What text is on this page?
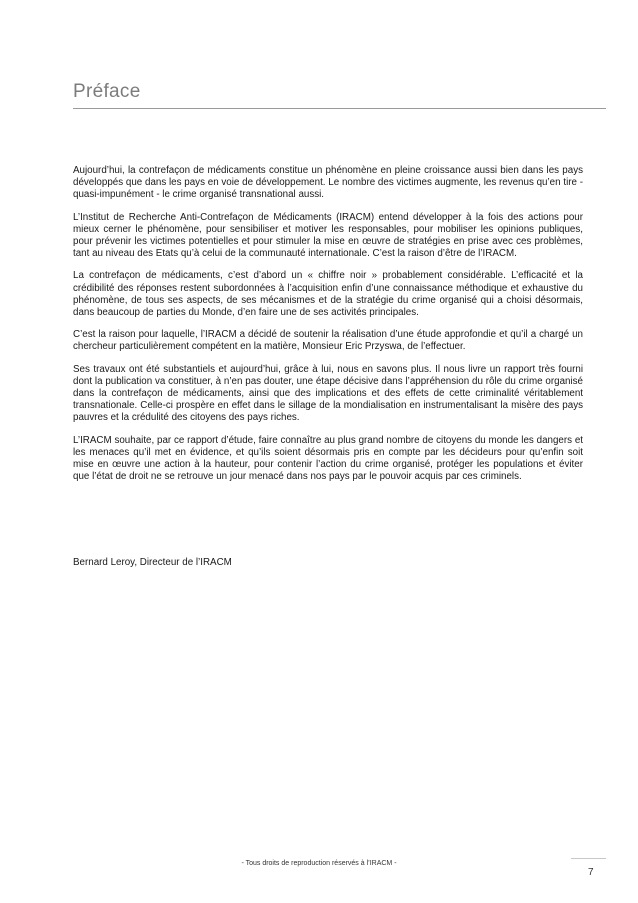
Préface

Aujourd’hui, la contrefaçon de médicaments constitue un phénomène en pleine croissance aussi bien dans les pays développés que dans les pays en voie de développement. Le nombre des victimes augmente, les revenus qu’en tire - quasi-impunément - le crime organisé transnational aussi.

L’Institut de Recherche Anti-Contrefaçon de Médicaments (IRACM) entend développer à la fois des actions pour mieux cerner le phénomène, pour sensibiliser et motiver les responsables, pour mobiliser les opinions publiques, pour prévenir les victimes potentielles et pour stimuler la mise en œuvre de stratégies en prise avec ces problèmes, tant au niveau des Etats qu’à celui de la communauté internationale. C’est la raison d’être de l’IRACM.

La contrefaçon de médicaments, c’est d’abord un « chiffre noir » probablement considérable. L’efficacité et la crédibilité des réponses restent subordonnées à l’acquisition enfin d’une connaissance méthodique et exhaustive du phénomène, de tous ses aspects, de ses mécanismes et de la stratégie du crime organisé qui a choisi désormais, dans beaucoup de parties du Monde, d’en faire une de ses activités principales.

C’est la raison pour laquelle, l’IRACM a décidé de soutenir la réalisation d’une étude approfondie et qu’il a chargé un chercheur particulièrement compétent en la matière, Monsieur Eric Przyswa, de l’effectuer.

Ses travaux ont été substantiels et aujourd’hui, grâce à lui, nous en savons plus. Il nous livre un rapport très fourni dont la publication va constituer, à n’en pas douter, une étape décisive dans l’appréhension du rôle du crime organisé dans la contrefaçon de médicaments, ainsi que des implications et des effets de cette criminalité véritablement transnationale. Celle-ci prospère en effet dans le sillage de la mondialisation en instrumentalisant la misère des pays pauvres et la crédulité des citoyens des pays riches.

L’IRACM souhaite, par ce rapport d’étude, faire connaître au plus grand nombre de citoyens du monde les dangers et les menaces qu’il met en évidence, et qu’ils soient désormais pris en compte par les décideurs pour qu’enfin soit mise en œuvre une action à la hauteur, pour contenir l’action du crime organisé, protéger les populations et éviter que l’état de droit ne se retrouve un jour menacé dans nos pays par le pouvoir acquis par ces criminels.

Bernard Leroy, Directeur de l’IRACM

- Tous droits de reproduction réservés à l’IRACM -

7
